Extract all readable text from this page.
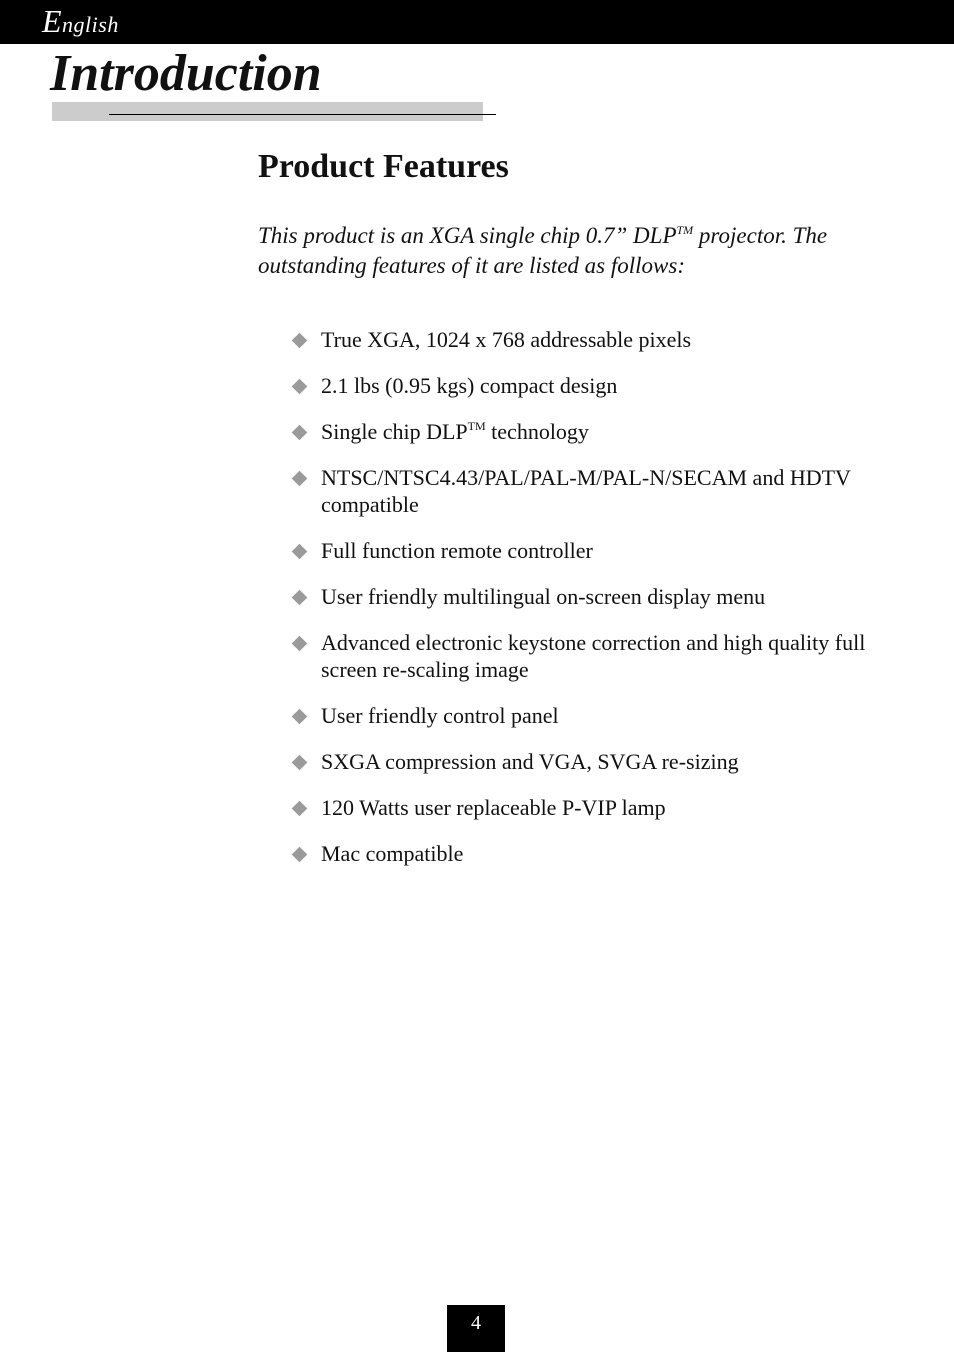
English
Introduction
Product Features

This product is an XGA single chip 0.7” DLP™ projector. The outstanding features of it are listed as follows:

True XGA, 1024 x 768 addressable pixels
2.1 lbs (0.95 kgs) compact design
Single chip DLP™ technology
NTSC/NTSC4.43/PAL/PAL-M/PAL-N/SECAM and HDTV compatible
Full function remote controller
User friendly multilingual on-screen display menu
Advanced electronic keystone correction and high quality full screen re-scaling image
User friendly control panel
SXGA compression and VGA, SVGA re-sizing
120 Watts user replaceable P-VIP lamp
Mac compatible
4
